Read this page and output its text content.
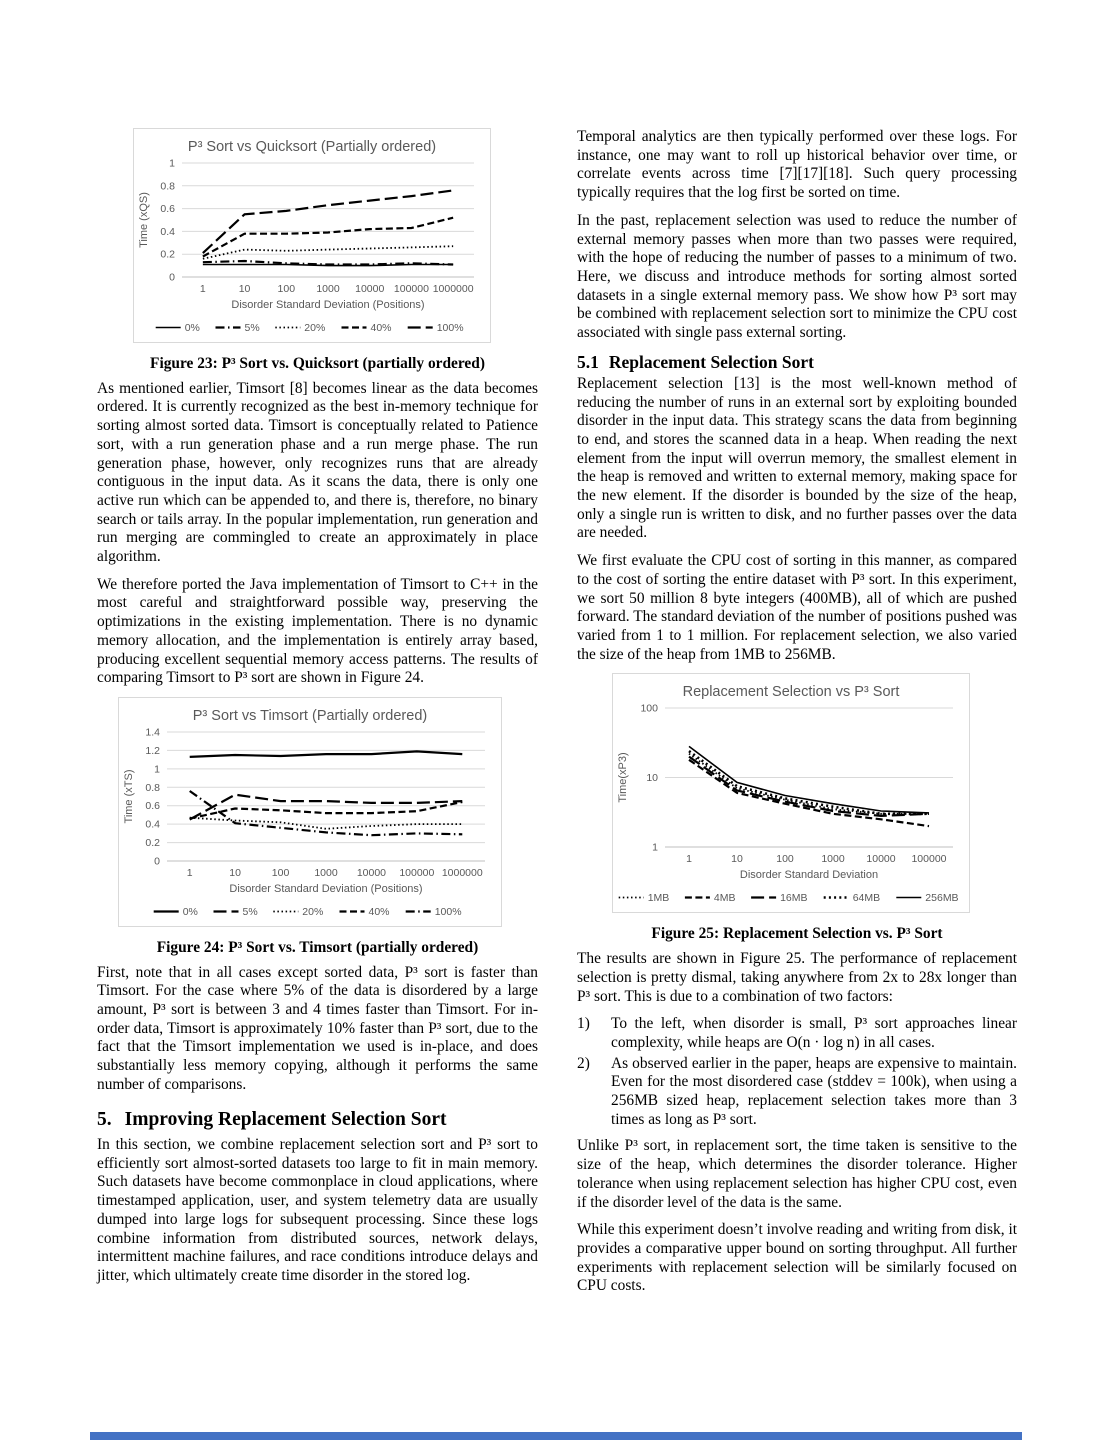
P³ Sort vs Quicksort (Partially ordered)
0
0.2
0.4
0.6
0.8
1
1	10	100 1000 10000 100000 1000000
Disorder Standard Deviation (Positions)
Time (xQS)
0%	5%	20%	40%	100%
Figure 23: P³ Sort vs. Quicksort (partially ordered)

As mentioned earlier, Timsort [8] becomes linear as the data becomes ordered. It is currently recognized as the best in-memory technique for sorting almost sorted data. Timsort is conceptually related to Patience sort, with a run generation phase and a run merge phase. The run generation phase, however, only recognizes runs that are already contiguous in the input data. As it scans the data, there is only one active run which can be appended to, and there is, therefore, no binary search or tails array. In the popular implementation, run generation and run merging are commingled to create an approximately in place algorithm.

We therefore ported the Java implementation of Timsort to C++ in the most careful and straightforward possible way, preserving the optimizations in the existing implementation. There is no dynamic memory allocation, and the implementation is entirely array based, producing excellent sequential memory access patterns. The results of comparing Timsort to P³ sort are shown in Figure 24.

P³ Sort vs Timsort (Partially ordered)
0
0.2
0.4
0.6
0.8
1
1.2
1.4
1	10	100 1000 10000 100000 1000000
Disorder Standard Deviation (Positions)
Time (xTS)
0%	5%	20%	40%	100%
Figure 24: P³ Sort vs. Timsort (partially ordered)

First, note that in all cases except sorted data, P³ sort is faster than Timsort. For the case where 5% of the data is disordered by a large amount, P³ sort is between 3 and 4 times faster than Timsort. For in-order data, Timsort is approximately 10% faster than P³ sort, due to the fact that the Timsort implementation we used is in-place, and does substantially less memory copying, although it performs the same number of comparisons.

5. Improving Replacement Selection Sort

In this section, we combine replacement selection sort and P³ sort to efficiently sort almost-sorted datasets too large to fit in main memory. Such datasets have become commonplace in cloud applications, where timestamped application, user, and system telemetry data are usually dumped into large logs for subsequent processing. Since these logs combine information from distributed sources, network delays, intermittent machine failures, and race conditions introduce delays and jitter, which ultimately create time disorder in the stored log.

Temporal analytics are then typically performed over these logs. For instance, one may want to roll up historical behavior over time, or correlate events across time [7][17][18]. Such query processing typically requires that the log first be sorted on time.

In the past, replacement selection was used to reduce the number of external memory passes when more than two passes were required, with the hope of reducing the number of passes to a minimum of two. Here, we discuss and introduce methods for sorting almost sorted datasets in a single external memory pass. We show how P³ sort may be combined with replacement selection sort to minimize the CPU cost associated with single pass external sorting.

5.1 Replacement Selection Sort

Replacement selection [13] is the most well-known method of reducing the number of runs in an external sort by exploiting bounded disorder in the input data. This strategy scans the data from beginning to end, and stores the scanned data in a heap. When reading the next element from the input will overrun memory, the smallest element in the heap is removed and written to external memory, making space for the new element. If the disorder is bounded by the size of the heap, only a single run is written to disk, and no further passes over the data are needed.

We first evaluate the CPU cost of sorting in this manner, as compared to the cost of sorting the entire dataset with P³ sort. In this experiment, we sort 50 million 8 byte integers (400MB), all of which are pushed forward. The standard deviation of the number of positions pushed was varied from 1 to 1 million. For replacement selection, we also varied the size of the heap from 1MB to 256MB.

Replacement Selection vs P³ Sort
1
10
100
1	10	100	1000 10000 100000
Disorder Standard Deviation
Time(xP3)
1MB	4MB	16MB	64MB	256MB
Figure 25: Replacement Selection vs. P³ Sort

The results are shown in Figure 25. The performance of replacement selection is pretty dismal, taking anywhere from 2x to 28x longer than P³ sort. This is due to a combination of two factors:

1)	To the left, when disorder is small, P³ sort approaches linear complexity, while heaps are O(n · log n) in all cases.
2)	As observed earlier in the paper, heaps are expensive to maintain. Even for the most disordered case (stddev = 100k), when using a 256MB sized heap, replacement selection takes more than 3 times as long as P³ sort.

Unlike P³ sort, in replacement sort, the time taken is sensitive to the size of the heap, which determines the disorder tolerance. Higher tolerance when using replacement selection has higher CPU cost, even if the disorder level of the data is the same.

While this experiment doesn’t involve reading and writing from disk, it provides a comparative upper bound on sorting throughput. All further experiments with replacement selection will be similarly focused on CPU costs.
